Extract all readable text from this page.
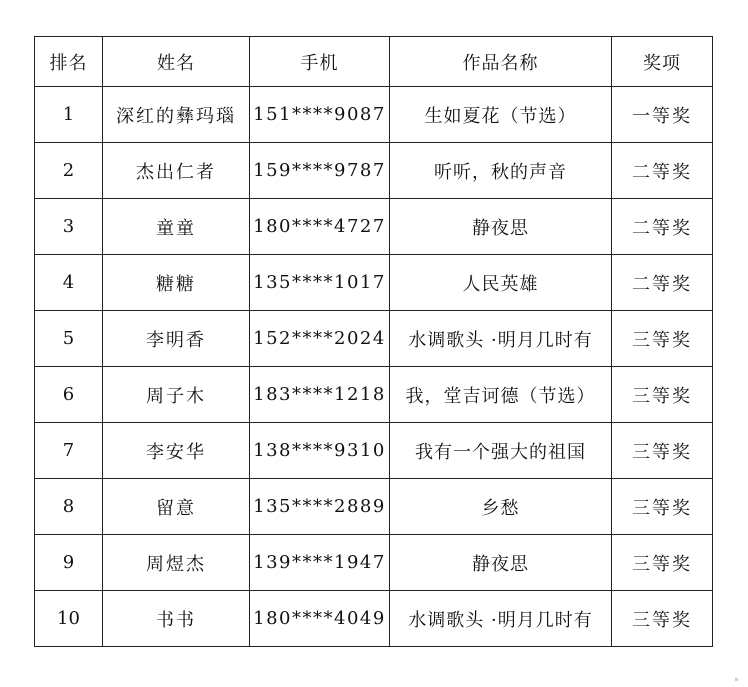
排名	姓名	手机	作品名称	奖项
1	深红的彝玛瑙	151****9087	生如夏花（节选）	一等奖
2	杰出仁者	159****9787	听听，秋的声音	二等奖
3	童童	180****4727	静夜思	二等奖
4	糖糖	135****1017	人民英雄	二等奖
5	李明香	152****2024	水调歌头 ·明月几时有	三等奖
6	周子木	183****1218	我，堂吉诃德（节选）	三等奖
7	李安华	138****9310	我有一个强大的祖国	三等奖
8	留意	135****2889	乡愁	三等奖
9	周煜杰	139****1947	静夜思	三等奖
10	书书	180****4049	水调歌头 ·明月几时有	三等奖
